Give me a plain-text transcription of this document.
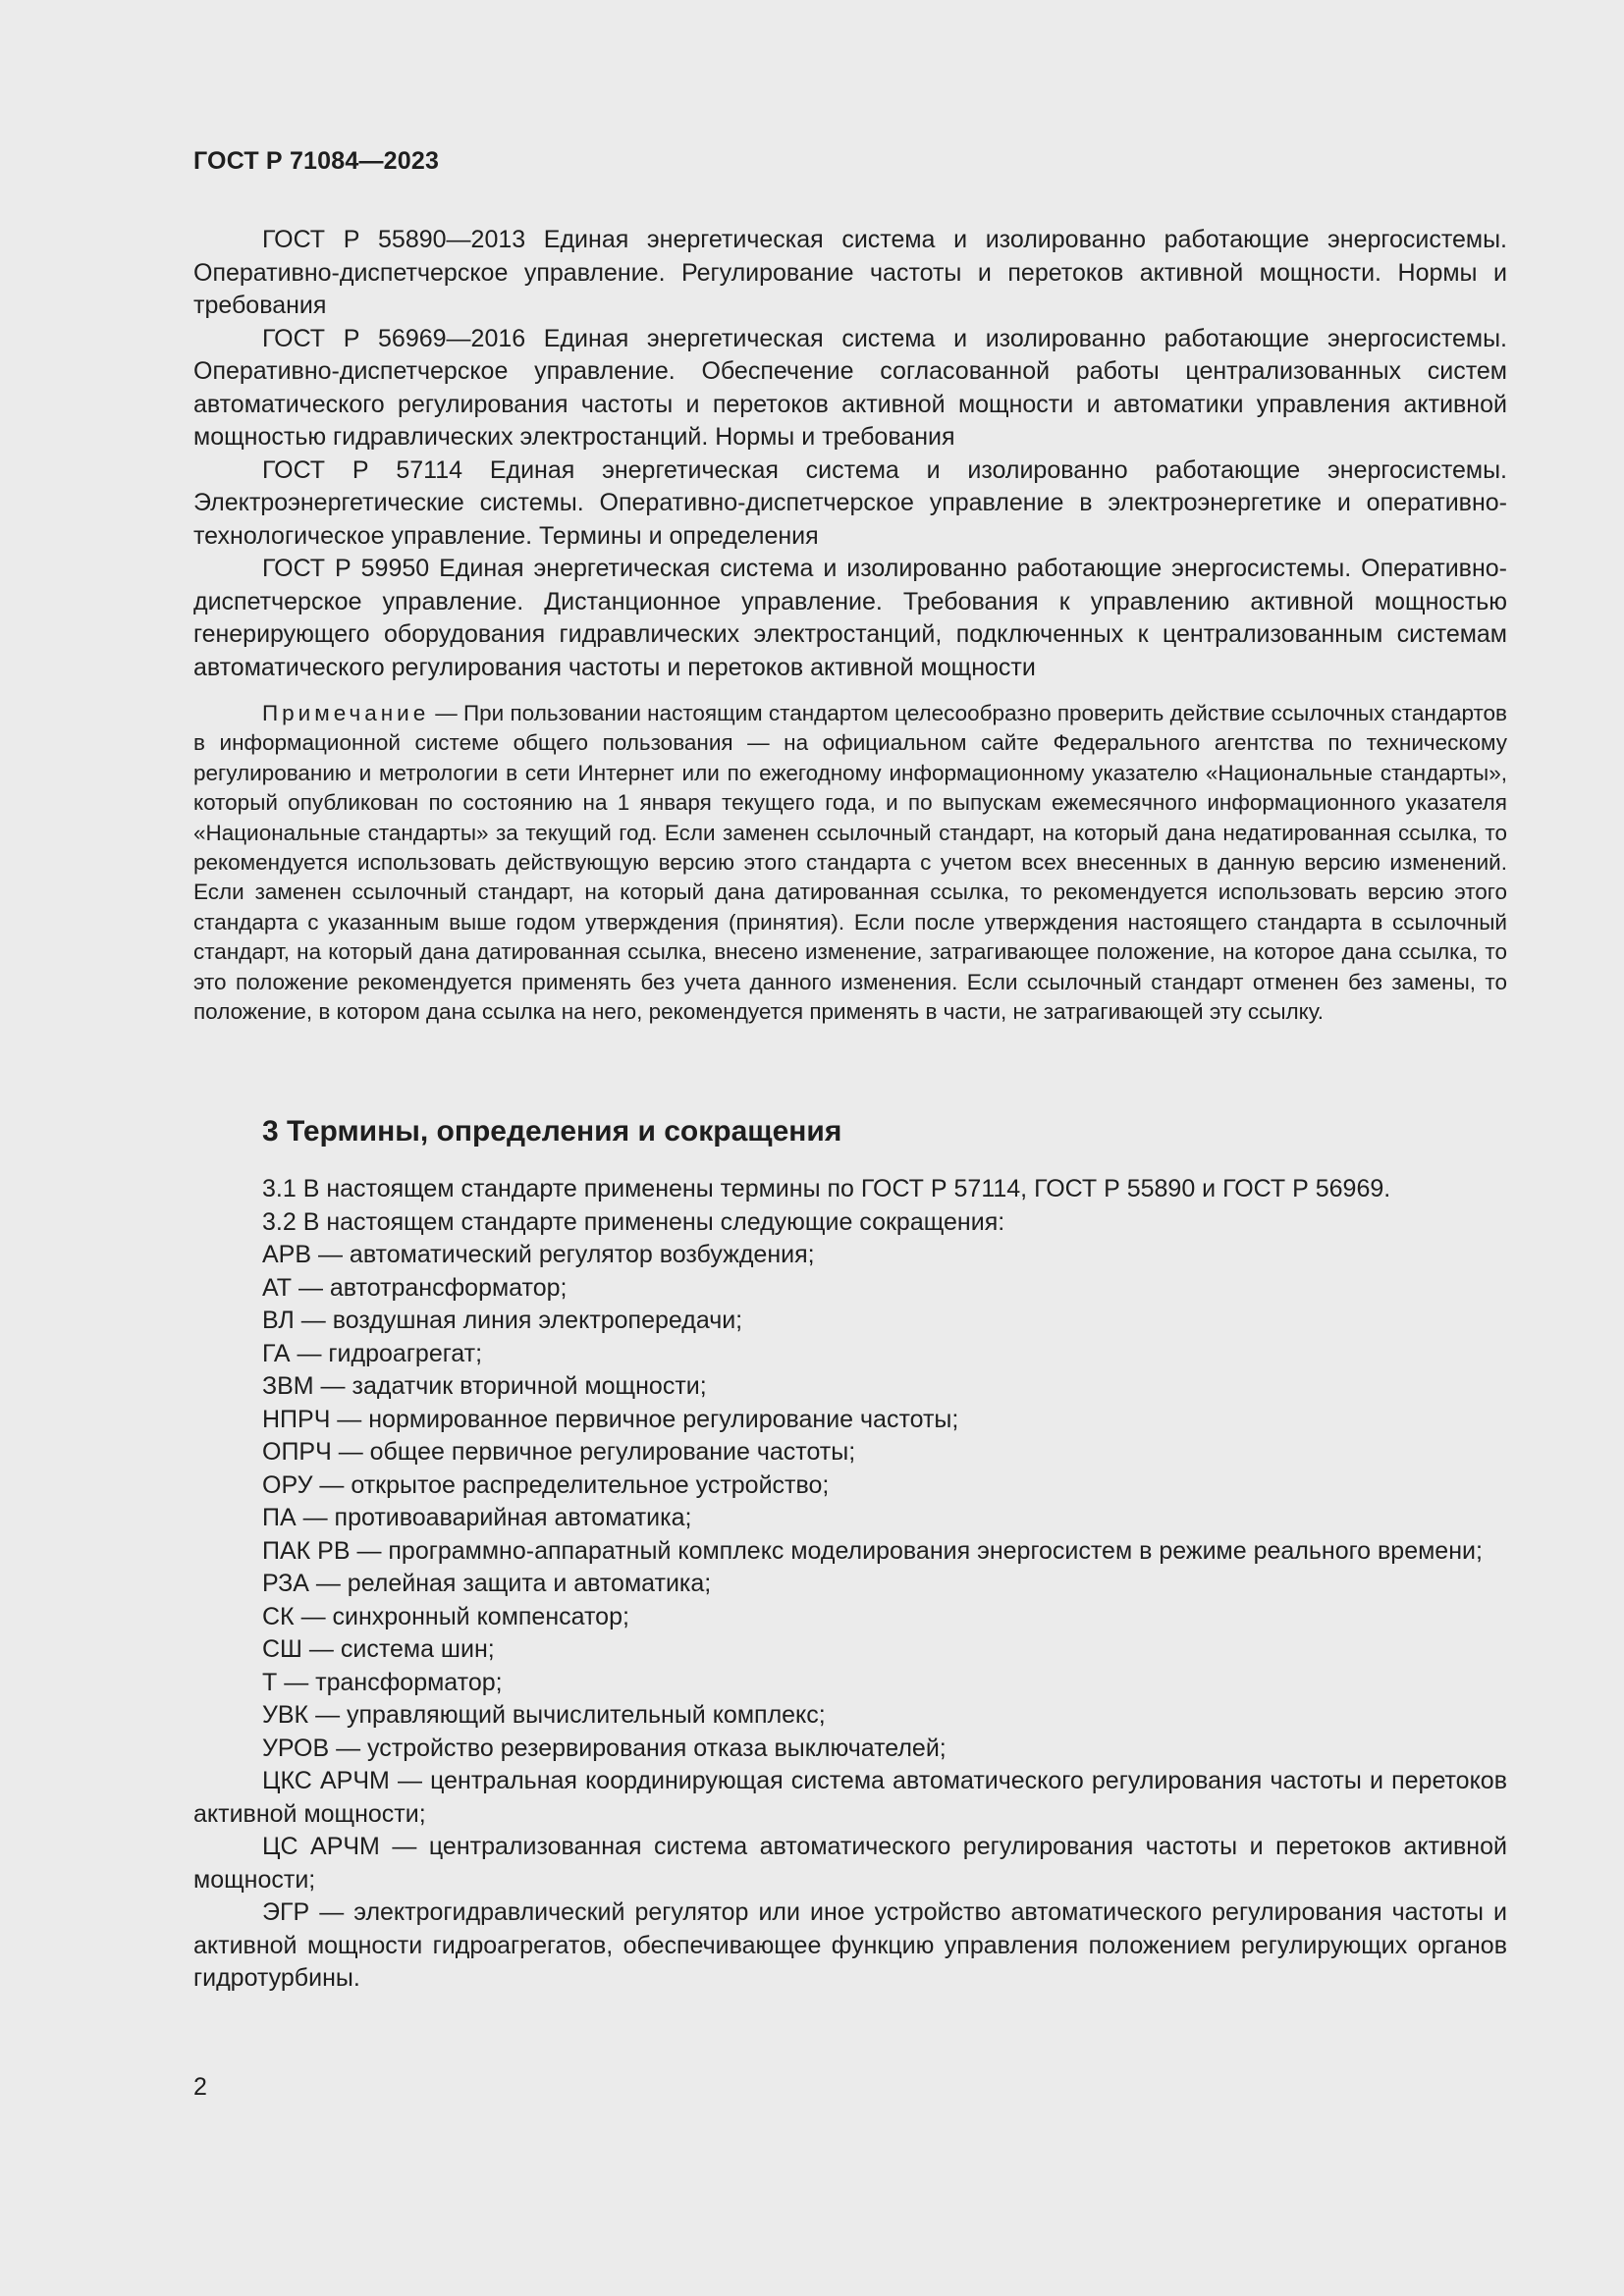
ГОСТ Р 71084—2023

ГОСТ Р 55890—2013 Единая энергетическая система и изолированно работающие энергосистемы. Оперативно-диспетчерское управление. Регулирование частоты и перетоков активной мощности. Нормы и требования

ГОСТ Р 56969—2016 Единая энергетическая система и изолированно работающие энергосистемы. Оперативно-диспетчерское управление. Обеспечение согласованной работы централизованных систем автоматического регулирования частоты и перетоков активной мощности и автоматики управления активной мощностью гидравлических электростанций. Нормы и требования

ГОСТ Р 57114 Единая энергетическая система и изолированно работающие энергосистемы. Электроэнергетические системы. Оперативно-диспетчерское управление в электроэнергетике и оперативно-технологическое управление. Термины и определения

ГОСТ Р 59950 Единая энергетическая система и изолированно работающие энергосистемы. Оперативно-диспетчерское управление. Дистанционное управление. Требования к управлению активной мощностью генерирующего оборудования гидравлических электростанций, подключенных к централизованным системам автоматического регулирования частоты и перетоков активной мощности

Примечание — При пользовании настоящим стандартом целесообразно проверить действие ссылочных стандартов в информационной системе общего пользования — на официальном сайте Федерального агентства по техническому регулированию и метрологии в сети Интернет или по ежегодному информационному указателю «Национальные стандарты», который опубликован по состоянию на 1 января текущего года, и по выпускам ежемесячного информационного указателя «Национальные стандарты» за текущий год. Если заменен ссылочный стандарт, на который дана недатированная ссылка, то рекомендуется использовать действующую версию этого стандарта с учетом всех внесенных в данную версию изменений. Если заменен ссылочный стандарт, на который дана датированная ссылка, то рекомендуется использовать версию этого стандарта с указанным выше годом утверждения (принятия). Если после утверждения настоящего стандарта в ссылочный стандарт, на который дана датированная ссылка, внесено изменение, затрагивающее положение, на которое дана ссылка, то это положение рекомендуется применять без учета данного изменения. Если ссылочный стандарт отменен без замены, то положение, в котором дана ссылка на него, рекомендуется применять в части, не затрагивающей эту ссылку.

3 Термины, определения и сокращения

3.1 В настоящем стандарте применены термины по ГОСТ Р 57114, ГОСТ Р 55890 и ГОСТ Р 56969.

3.2 В настоящем стандарте применены следующие сокращения:

АРВ — автоматический регулятор возбуждения;
АТ — автотрансформатор;
ВЛ — воздушная линия электропередачи;
ГА — гидроагрегат;
ЗВМ — задатчик вторичной мощности;
НПРЧ — нормированное первичное регулирование частоты;
ОПРЧ — общее первичное регулирование частоты;
ОРУ — открытое распределительное устройство;
ПА — противоаварийная автоматика;
ПАК РВ — программно-аппаратный комплекс моделирования энергосистем в режиме реального времени;
РЗА — релейная защита и автоматика;
СК — синхронный компенсатор;
СШ — система шин;
Т — трансформатор;
УВК — управляющий вычислительный комплекс;
УРОВ — устройство резервирования отказа выключателей;
ЦКС АРЧМ — центральная координирующая система автоматического регулирования частоты и перетоков активной мощности;
ЦС АРЧМ — централизованная система автоматического регулирования частоты и перетоков активной мощности;
ЭГР — электрогидравлический регулятор или иное устройство автоматического регулирования частоты и активной мощности гидроагрегатов, обеспечивающее функцию управления положением регулирующих органов гидротурбины.
2
